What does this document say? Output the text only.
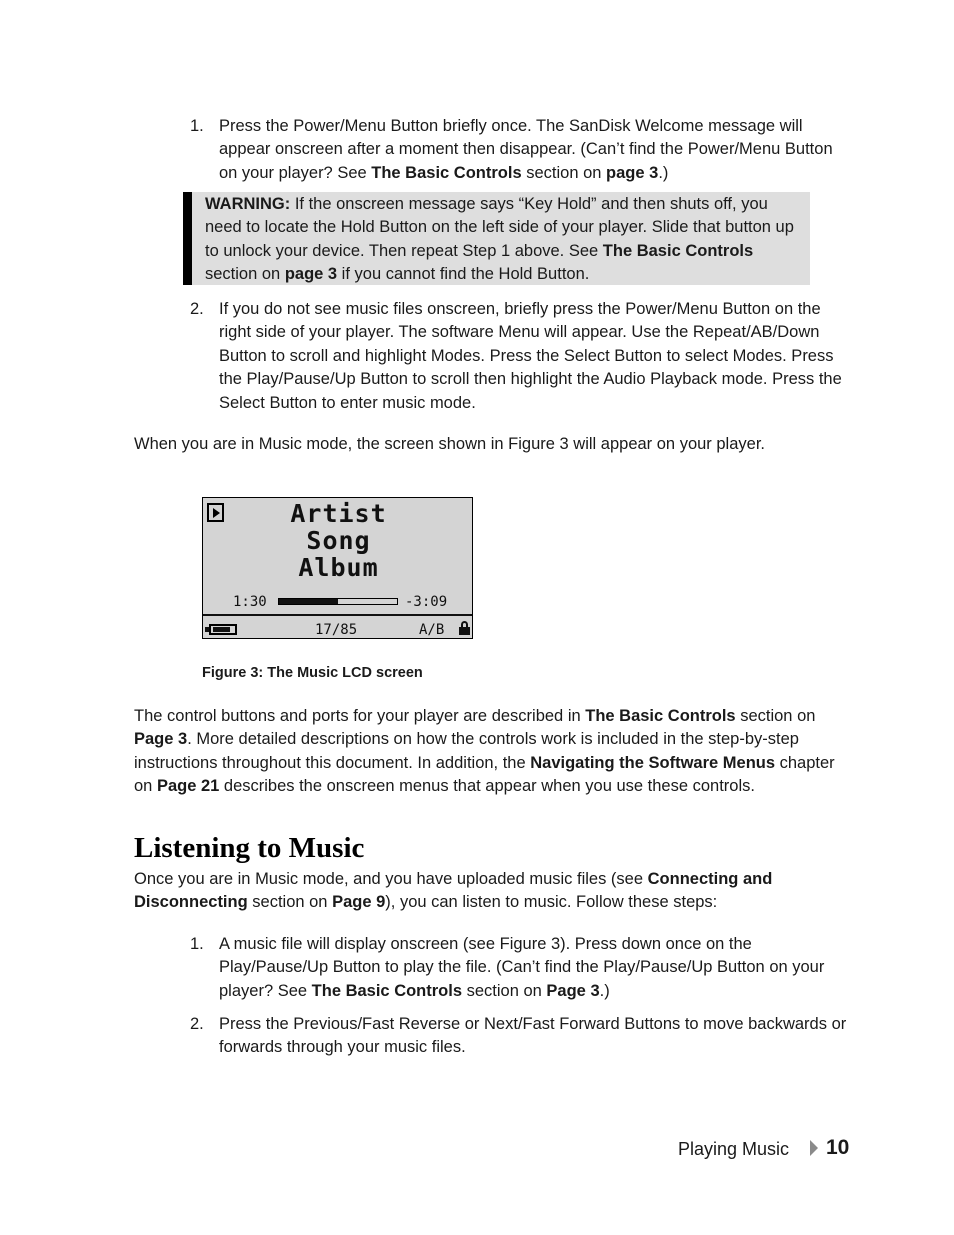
1. Press the Power/Menu Button briefly once. The SanDisk Welcome message will appear onscreen after a moment then disappear. (Can’t find the Power/Menu Button on your player? See The Basic Controls section on page 3.)
WARNING: If the onscreen message says “Key Hold” and then shuts off, you need to locate the Hold Button on the left side of your player. Slide that button up to unlock your device. Then repeat Step 1 above. See The Basic Controls section on page 3 if you cannot find the Hold Button.
2. If you do not see music files onscreen, briefly press the Power/Menu Button on the right side of your player. The software Menu will appear. Use the Repeat/AB/Down Button to scroll and highlight Modes. Press the Select Button to select Modes. Press the Play/Pause/Up Button to scroll then highlight the Audio Playback mode. Press the Select Button to enter music mode.
When you are in Music mode, the screen shown in Figure 3 will appear on your player.
Artist
Song
Album
1:30	-3:09
17/85	A/B
Figure 3: The Music LCD screen
The control buttons and ports for your player are described in The Basic Controls section on Page 3. More detailed descriptions on how the controls work is included in the step-by-step instructions throughout this document. In addition, the Navigating the Software Menus chapter on Page 21 describes the onscreen menus that appear when you use these controls.
Listening to Music
Once you are in Music mode, and you have uploaded music files (see Connecting and Disconnecting section on Page 9), you can listen to music. Follow these steps:
1. A music file will display onscreen (see Figure 3). Press down once on the Play/Pause/Up Button to play the file. (Can’t find the Play/Pause/Up Button on your player? See The Basic Controls section on Page 3.)
2. Press the Previous/Fast Reverse or Next/Fast Forward Buttons to move backwards or forwards through your music files.
Playing Music 10
